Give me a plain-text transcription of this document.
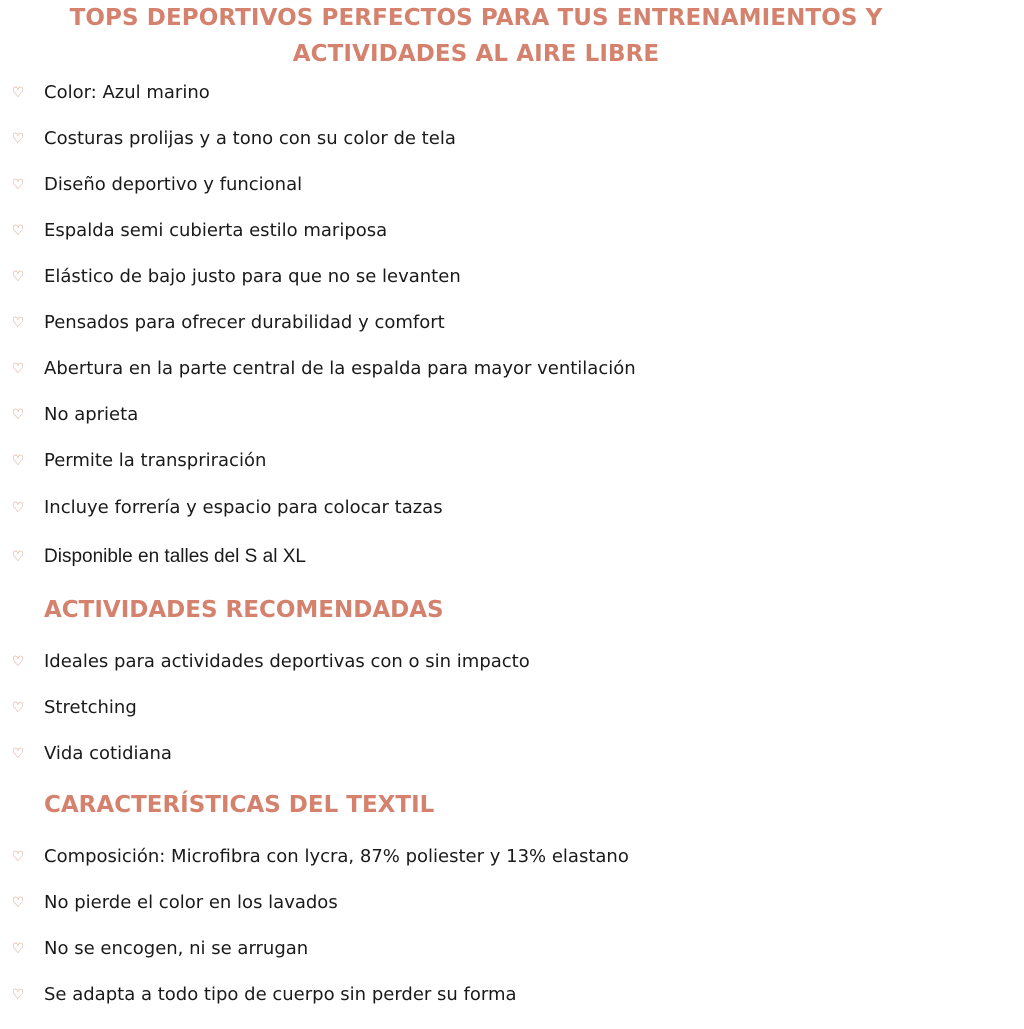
TOPS DEPORTIVOS PERFECTOS PARA TUS ENTRENAMIENTOS Y
ACTIVIDADES AL AIRE LIBRE
♡ Color: Azul marino
♡ Costuras prolijas y a tono con su color de tela
♡ Diseño deportivo y funcional
♡ Espalda semi cubierta estilo mariposa
♡ Elástico de bajo justo para que no se levanten
♡ Pensados para ofrecer durabilidad y comfort
♡ Abertura en la parte central de la espalda para mayor ventilación
♡ No aprieta
♡ Permite la transpriración
♡ Incluye forrería y espacio para colocar tazas
♡ Disponible en talles del S al XL
ACTIVIDADES RECOMENDADAS
♡ Ideales para actividades deportivas con o sin impacto
♡ Stretching
♡ Vida cotidiana
CARACTERÍSTICAS DEL TEXTIL
♡ Composición: Microfibra con lycra, 87% poliester y 13% elastano
♡ No pierde el color en los lavados
♡ No se encogen, ni se arrugan
♡ Se adapta a todo tipo de cuerpo sin perder su forma
